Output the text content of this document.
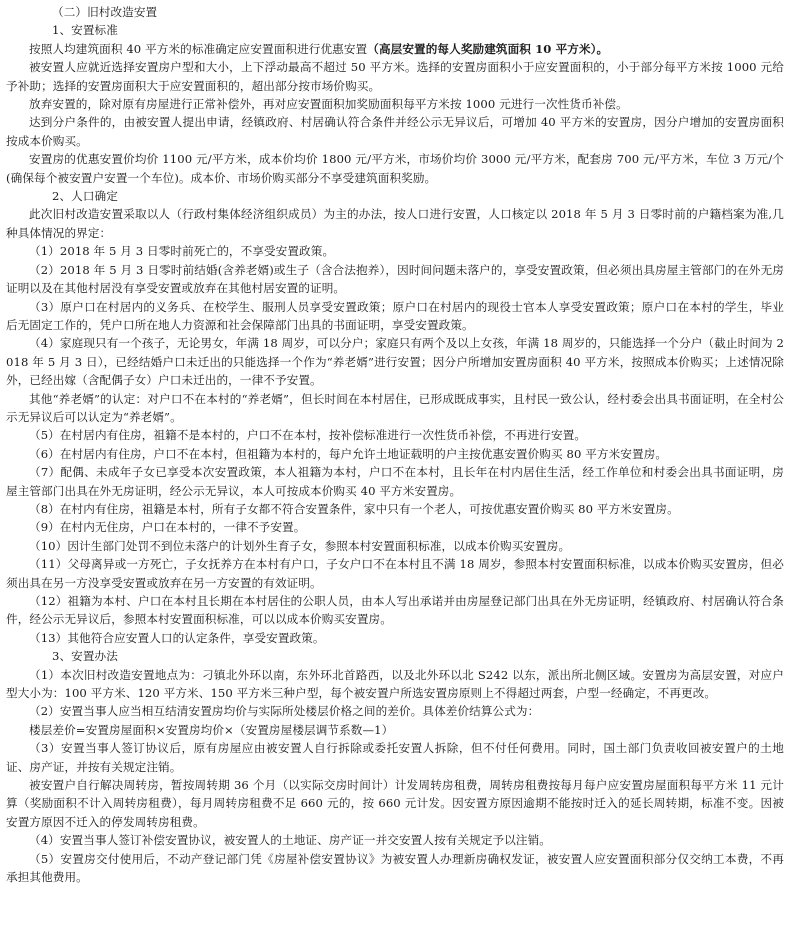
（二）旧村改造安置

1、安置标准

按照人均建筑面积 40 平方米的标准确定应安置面积进行优惠安置（高层安置的每人奖励建筑面积 10 平方米）。

被安置人应就近选择安置房户型和大小，上下浮动最高不超过 50 平方米。选择的安置房面积小于应安置面积的，小于部分每平方米按 1000 元给予补助；选择的安置房面积大于应安置面积的，超出部分按市场价购买。

放弃安置的，除对原有房屋进行正常补偿外，再对应安置面积加奖励面积每平方米按 1000 元进行一次性货币补偿。

达到分户条件的，由被安置人提出申请，经镇政府、村居确认符合条件并经公示无异议后，可增加 40 平方米的安置房，因分户增加的安置房面积按成本价购买。

安置房的优惠安置价均价 1100 元/平方米，成本价均价 1800 元/平方米，市场价均价 3000 元/平方米，配套房 700 元/平方米，车位 3 万元/个(确保每个被安置户安置一个车位)。成本价、市场价购买部分不享受建筑面积奖励。

2、人口确定

此次旧村改造安置采取以人（行政村集体经济组织成员）为主的办法，按人口进行安置，人口核定以 2018 年 5 月 3 日零时前的户籍档案为准,几种具体情况的界定：

（1）2018 年 5 月 3 日零时前死亡的，不享受安置政策。

（2）2018 年 5 月 3 日零时前结婚(含养老婿)或生子（含合法抱养），因时间问题未落户的，享受安置政策，但必须出具房屋主管部门的在外无房证明以及在其他村居没有享受安置或放弃在其他村居安置的证明。

（3）原户口在村居内的义务兵、在校学生、服刑人员享受安置政策；原户口在村居内的现役士官本人享受安置政策；原户口在本村的学生，毕业后无固定工作的，凭户口所在地人力资源和社会保障部门出具的书面证明，享受安置政策。

（4）家庭现只有一个孩子，无论男女，年满 18 周岁，可以分户；家庭只有两个及以上女孩，年满 18 周岁的，只能选择一个分户（截止时间为 2018 年 5 月 3 日），已经结婚户口未迁出的只能选择一个作为“养老婿”进行安置；因分户所增加安置房面积 40 平方米，按照成本价购买；上述情况除外，已经出嫁（含配偶子女）户口未迁出的，一律不予安置。

其他“养老婿”的认定：对户口不在本村的“养老婿”，但长时间在本村居住，已形成既成事实，且村民一致公认，经村委会出具书面证明，在全村公示无异议后可以认定为“养老婿”。

（5）在村居内有住房，祖籍不是本村的，户口不在本村，按补偿标准进行一次性货币补偿，不再进行安置。

（6）在村居内有住房，户口不在本村，但祖籍为本村的，每户允许土地证载明的户主按优惠安置价购买 80 平方米安置房。

（7）配偶、未成年子女已享受本次安置政策，本人祖籍为本村，户口不在本村，且长年在村内居住生活，经工作单位和村委会出具书面证明，房屋主管部门出具在外无房证明，经公示无异议，本人可按成本价购买 40 平方米安置房。

（8）在村内有住房，祖籍是本村，所有子女都不符合安置条件，家中只有一个老人，可按优惠安置价购买 80 平方米安置房。

（9）在村内无住房，户口在本村的，一律不予安置。

（10）因计生部门处罚不到位未落户的计划外生育子女，参照本村安置面积标准，以成本价购买安置房。

（11）父母离异或一方死亡，子女抚养方在本村有户口，子女户口不在本村且不满 18 周岁，参照本村安置面积标准，以成本价购买安置房，但必须出具在另一方没享受安置或放弃在另一方安置的有效证明。

（12）祖籍为本村、户口在本村且长期在本村居住的公职人员，由本人写出承诺并由房屋登记部门出具在外无房证明，经镇政府、村居确认符合条件，经公示无异议后，参照本村安置面积标准，可以以成本价购买安置房。

（13）其他符合应安置人口的认定条件，享受安置政策。

3、安置办法

（1）本次旧村改造安置地点为：刁镇北外环以南，东外环北首路西，以及北外环以北 S242 以东，派出所北侧区域。安置房为高层安置，对应户型大小为：100 平方米、120 平方米、150 平方米三种户型，每个被安置户所选安置房原则上不得超过两套，户型一经确定，不再更改。

（2）安置当事人应当相互结清安置房均价与实际所处楼层价格之间的差价。具体差价结算公式为：

楼层差价=安置房屋面积×安置房均价×（安置房屋楼层调节系数—1）

（3）安置当事人签订协议后，原有房屋应由被安置人自行拆除或委托安置人拆除，但不付任何费用。同时，国土部门负责收回被安置户的土地证、房产证，并按有关规定注销。

被安置户自行解决周转房，暂按周转期 36 个月（以实际交房时间计）计发周转房租费，周转房租费按每月每户应安置房屋面积每平方米 11 元计算（奖励面积不计入周转房租费），每月周转房租费不足 660 元的，按 660 元计发。因安置方原因逾期不能按时迁入的延长周转期，标准不变。因被安置方原因不迁入的停发周转房租费。

（4）安置当事人签订补偿安置协议，被安置人的土地证、房产证一并交安置人按有关规定予以注销。

（5）安置房交付使用后，不动产登记部门凭《房屋补偿安置协议》为被安置人办理新房确权发证，被安置人应安置面积部分仅交纳工本费，不再承担其他费用。
